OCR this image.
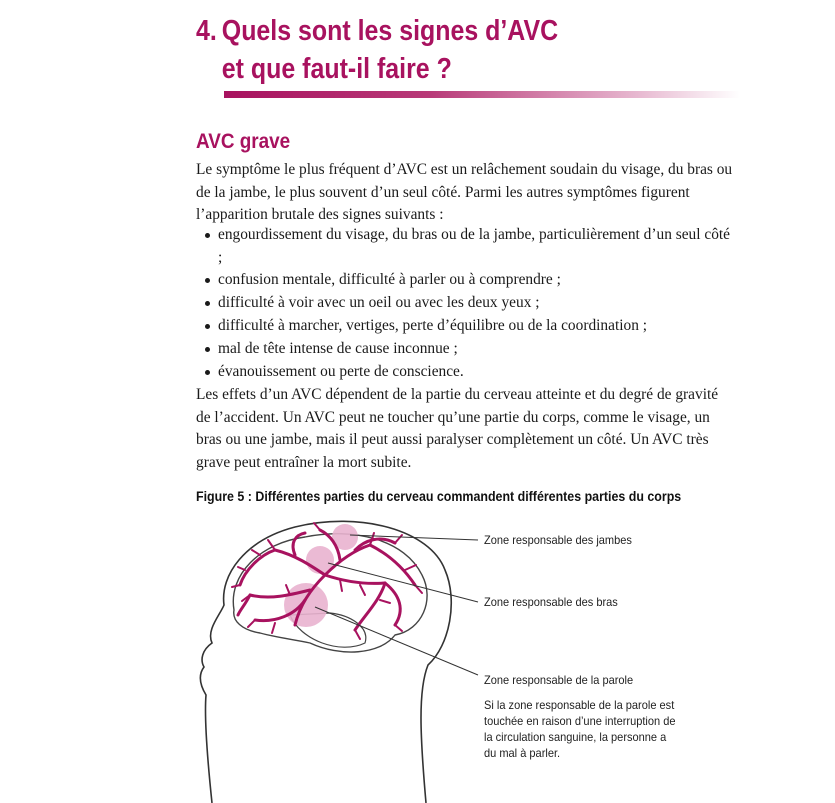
4. Quels sont les signes d’AVC
et que faut-il faire ?
AVC grave

Le symptôme le plus fréquent d’AVC est un relâchement soudain du visage, du bras ou de la jambe, le plus souvent d’un seul côté. Parmi les autres symptômes figurent l’apparition brutale des signes suivants :

engourdissement du visage, du bras ou de la jambe, particulièrement d’un seul côté ;
confusion mentale, difficulté à parler ou à comprendre ;
difficulté à voir avec un oeil ou avec les deux yeux ;
difficulté à marcher, vertiges, perte d’équilibre ou de la coordination ;
mal de tête intense de cause inconnue ;
évanouissement ou perte de conscience.

Les effets d’un AVC dépendent de la partie du cerveau atteinte et du degré de gravité de l’accident. Un AVC peut ne toucher qu’une partie du corps, comme le visage, un bras ou une jambe, mais il peut aussi paralyser complètement un côté. Un AVC très grave peut entraîner la mort subite.

Figure 5 : Différentes parties du cerveau commandent différentes parties du corps

Zone responsable des jambes
Zone responsable des bras
Zone responsable de la parole

Si la zone responsable de la parole est touchée en raison d’une interruption de la circulation sanguine, la personne a du mal à parler.
